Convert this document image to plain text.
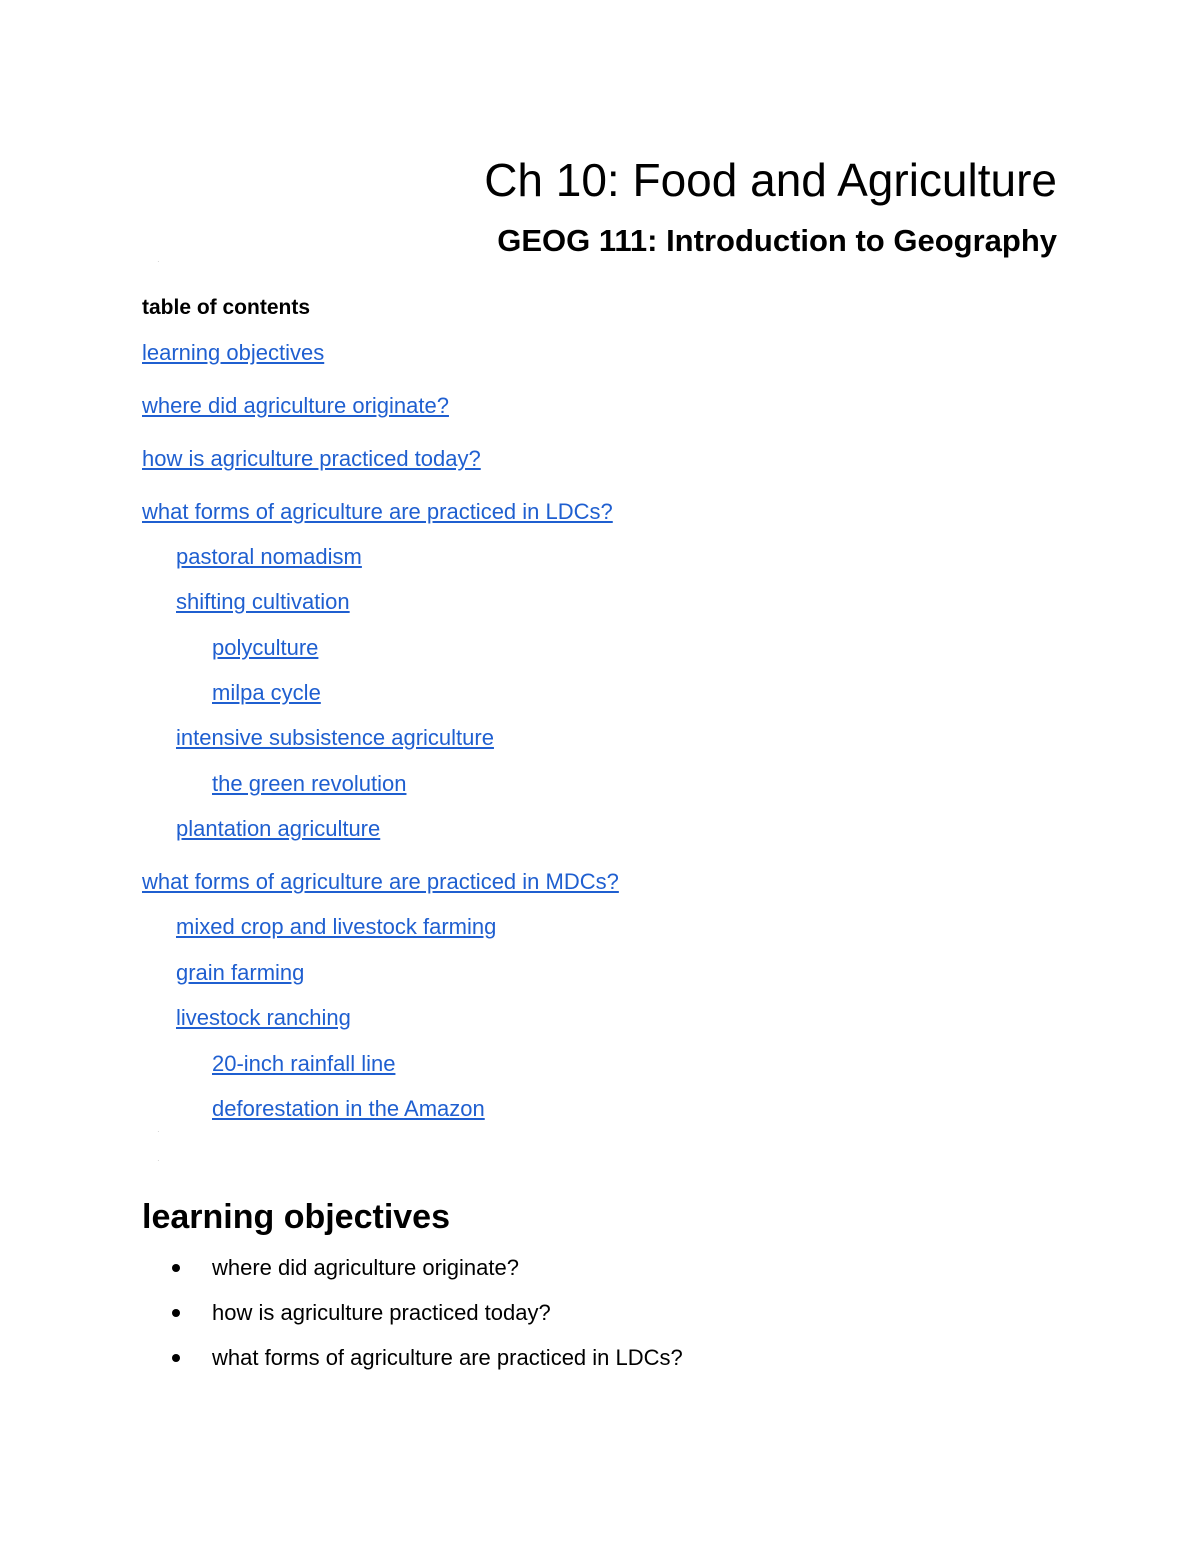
Ch 10: Food and Agriculture
GEOG 111: Introduction to Geography
·
table of contents
learning objectives
where did agriculture originate?
how is agriculture practiced today?
what forms of agriculture are practiced in LDCs?
pastoral nomadism
shifting cultivation
polyculture
milpa cycle
intensive subsistence agriculture
the green revolution
plantation agriculture
what forms of agriculture are practiced in MDCs?
mixed crop and livestock farming
grain farming
livestock ranching
20-inch rainfall line
deforestation in the Amazon
·
·
learning objectives
where did agriculture originate?
how is agriculture practiced today?
what forms of agriculture are practiced in LDCs?
